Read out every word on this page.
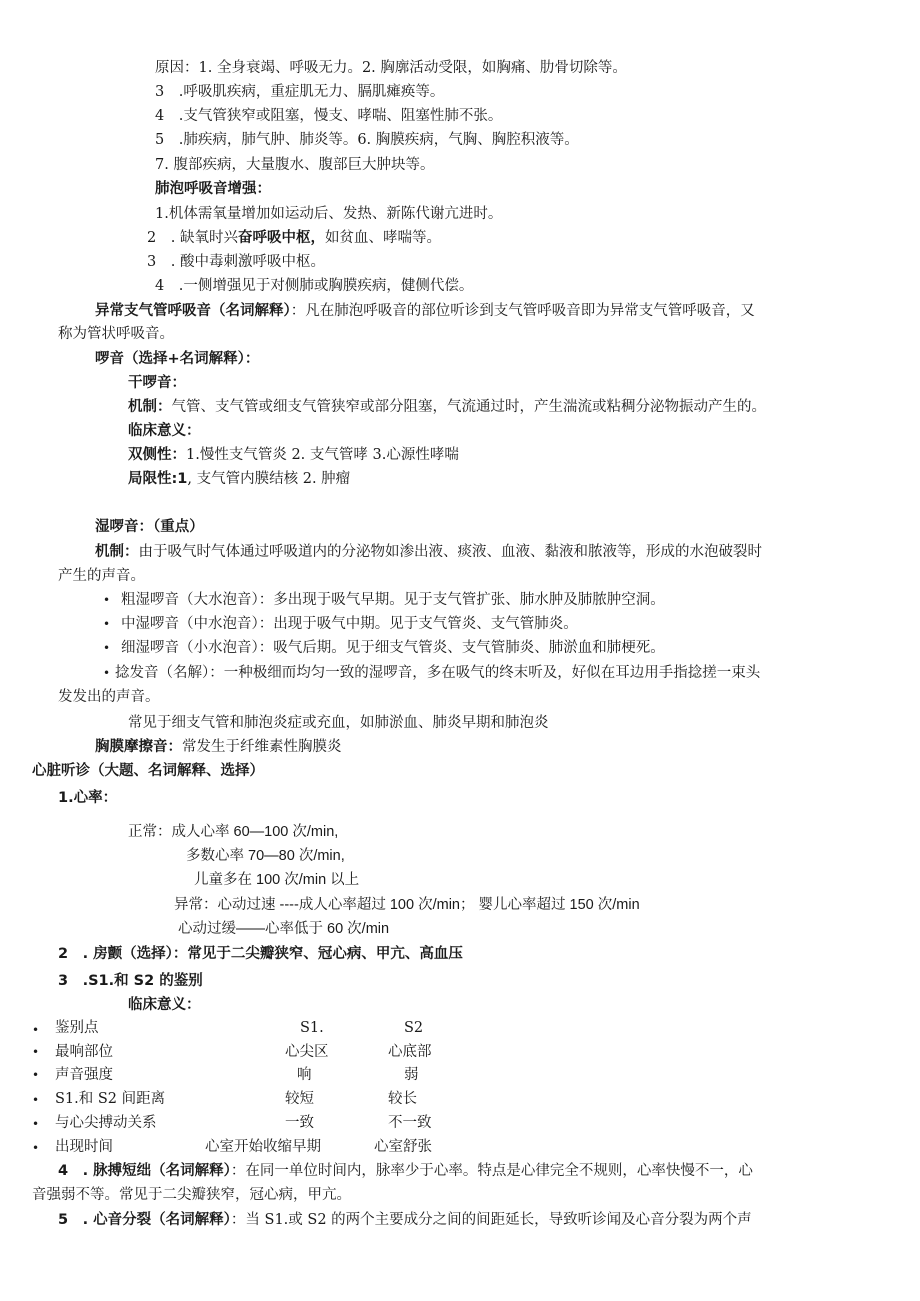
原因：1. 全身衰竭、呼吸无力。2. 胸廓活动受限，如胸痛、肋骨切除等。
3　.呼吸肌疾病，重症肌无力、膈肌瘫痪等。
4　.支气管狭窄或阻塞，慢支、哮喘、阻塞性肺不张。
5　.肺疾病，肺气肿、肺炎等。6. 胸膜疾病，气胸、胸腔积液等。
7. 腹部疾病，大量腹水、腹部巨大肿块等。
肺泡呼吸音增强：
1.机体需氧量增加如运动后、发热、新陈代谢亢进时。
2　. 缺氧时兴奋呼吸中枢，如贫血、哮喘等。
3　. 酸中毒刺激呼吸中枢。
4　.一侧增强见于对侧肺或胸膜疾病，健侧代偿。
异常支气管呼吸音（名词解释）：凡在肺泡呼吸音的部位听诊到支气管呼吸音即为异常支气管呼吸音，又
称为管状呼吸音。
啰音（选择+名词解释）：
干啰音：
机制：气管、支气管或细支气管狭窄或部分阻塞，气流通过时，产生湍流或粘稠分泌物振动产生的。
临床意义：
双侧性：1.慢性支气管炎 2. 支气管哮 3.心源性哮喘
局限性:1, 支气管内膜结核 2. 肿瘤
湿啰音：（重点）
机制：由于吸气时气体通过呼吸道内的分泌物如渗出液、痰液、血液、黏液和脓液等，形成的水泡破裂时
产生的声音。
• 粗湿啰音（大水泡音）：多出现于吸气早期。见于支气管扩张、肺水肿及肺脓肿空洞。
• 中湿啰音（中水泡音）：出现于吸气中期。见于支气管炎、支气管肺炎。
• 细湿啰音（小水泡音）：吸气后期。见于细支气管炎、支气管肺炎、肺淤血和肺梗死。
• 捻发音（名解）：一种极细而均匀一致的湿啰音，多在吸气的终末听及，好似在耳边用手指捻搓一束头
发发出的声音。
常见于细支气管和肺泡炎症或充血，如肺淤血、肺炎早期和肺泡炎
胸膜摩擦音：常发生于纤维素性胸膜炎
心脏听诊（大题、名词解释、选择）
1.心率：
正常：成人心率 60—100 次/min,
多数心率 70—80 次/min,
儿童多在 100 次/min 以上
异常：心动过速 ----成人心率超过 100 次/min； 婴儿心率超过 150 次/min
心动过缓——心率低于 60 次/min
2　. 房颤（选择）：常见于二尖瓣狭窄、冠心病、甲亢、高血压
3　.S1.和 S2 的鉴别
临床意义：
• 鉴别点	S1.	S2
• 最响部位	心尖区	心底部
• 声音强度	响	弱
• S1.和 S2 间距离	较短	较长
• 与心尖搏动关系	一致	不一致
• 出现时间	心室开始收缩早期	心室舒张
4　. 脉搏短绌（名词解释）：在同一单位时间内，脉率少于心率。特点是心律完全不规则，心率快慢不一，心
音强弱不等。常见于二尖瓣狭窄，冠心病，甲亢。
5　. 心音分裂（名词解释）：当 S1.或 S2 的两个主要成分之间的间距延长，导致听诊闻及心音分裂为两个声
